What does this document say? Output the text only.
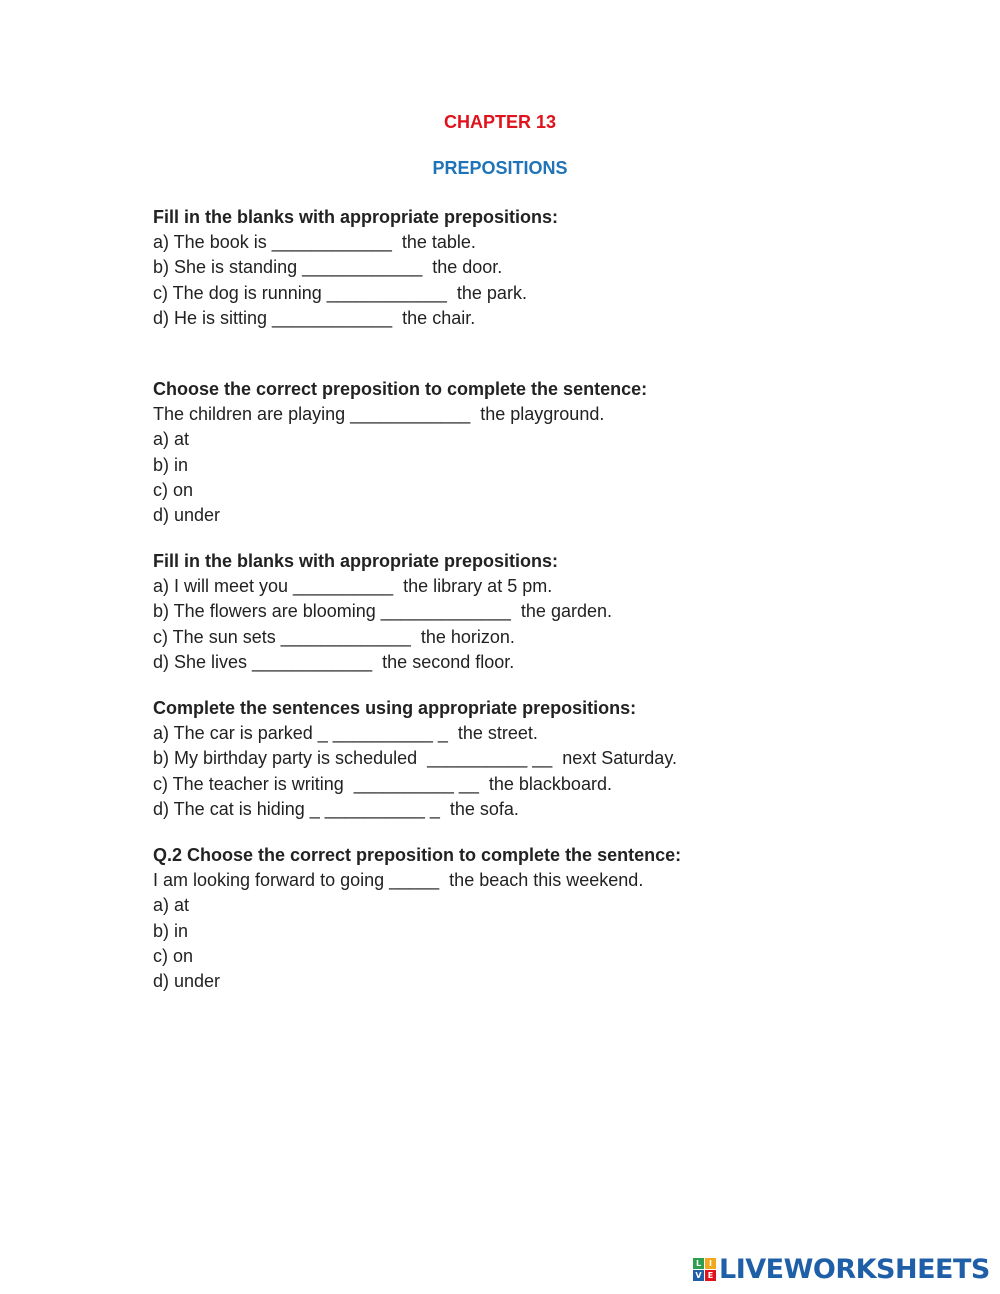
CHAPTER 13
PREPOSITIONS
Fill in the blanks with appropriate prepositions:
a) The book is ____________  the table.
b) She is standing ____________  the door.
c) The dog is running ____________  the park.
d) He is sitting ____________  the chair.
Choose the correct preposition to complete the sentence:
The children are playing ____________  the playground.
a) at
b) in
c) on
d) under
Fill in the blanks with appropriate prepositions:
a) I will meet you __________  the library at 5 pm.
b) The flowers are blooming _____________  the garden.
c) The sun sets _____________  the horizon.
d) She lives ____________  the second floor.
Complete the sentences using appropriate prepositions:
a) The car is parked _ __________ _  the street.
b) My birthday party is scheduled  __________ __  next Saturday.
c) The teacher is writing  __________ __  the blackboard.
d) The cat is hiding _ __________ _  the sofa.
Q.2 Choose the correct preposition to complete the sentence:
I am looking forward to going _____  the beach this weekend.
a) at
b) in
c) on
d) under
L I
V E LIVEWORKSHEETS
